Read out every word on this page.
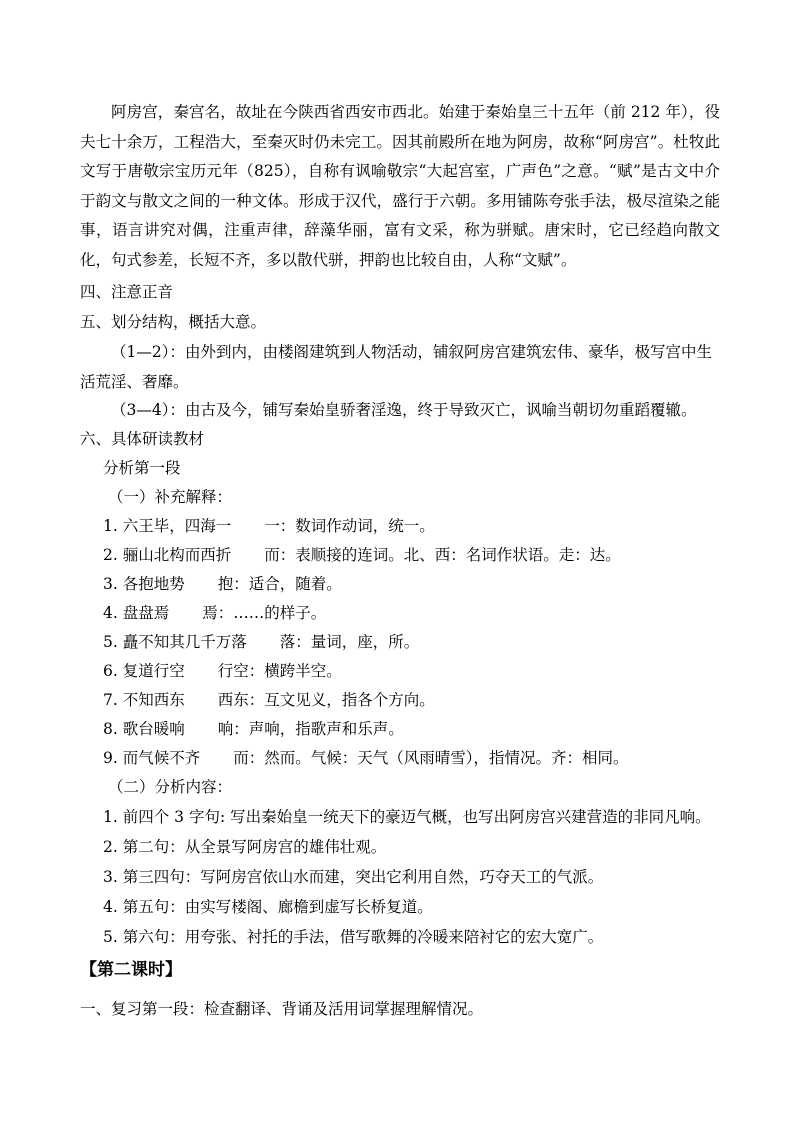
阿房宫，秦宫名，故址在今陕西省西安市西北。始建于秦始皇三十五年（前 212 年），役夫七十余万，工程浩大，至秦灭时仍未完工。因其前殿所在地为阿房，故称“阿房宫”。杜牧此文写于唐敬宗宝历元年（825），自称有讽喻敬宗“大起宫室，广声色”之意。“赋”是古文中介于韵文与散文之间的一种文体。形成于汉代，盛行于六朝。多用铺陈夸张手法，极尽渲染之能事，语言讲究对偶，注重声律，辞藻华丽，富有文采，称为骈赋。唐宋时，它已经趋向散文化，句式参差，长短不齐，多以散代骈，押韵也比较自由，人称“文赋”。

四、注意正音

五、划分结构，概括大意。

（1—2）：由外到内，由楼阁建筑到人物活动，铺叙阿房宫建筑宏伟、豪华，极写宫中生活荒淫、奢靡。

（3—4）：由古及今，铺写秦始皇骄奢淫逸，终于导致灭亡，讽喻当朝切勿重蹈覆辙。

六、具体研读教材

分析第一段

（一）补充解释：

1. 六王毕，四海一 一：数词作动词，统一。
2. 骊山北构而西折 而：表顺接的连词。北、西：名词作状语。走：达。
3. 各抱地势 抱：适合，随着。
4. 盘盘焉 焉：……的样子。
5. 矗不知其几千万落 落：量词，座，所。
6. 复道行空 行空：横跨半空。
7. 不知西东 西东：互文见义，指各个方向。
8. 歌台暖响 响：声响，指歌声和乐声。
9. 而气候不齐 而：然而。气候：天气（风雨晴雪），指情况。齐：相同。

（二）分析内容：

1. 前四个 3 字句: 写出秦始皇一统天下的豪迈气概，也写出阿房宫兴建营造的非同凡响。
2. 第二句：从全景写阿房宫的雄伟壮观。
3. 第三四句：写阿房宫依山水而建，突出它利用自然，巧夺天工的气派。
4. 第五句：由实写楼阁、廊檐到虚写长桥复道。
5. 第六句：用夸张、衬托的手法，借写歌舞的冷暖来陪衬它的宏大宽广。
【第二课时】

一、复习第一段：检查翻译、背诵及活用词掌握理解情况。
